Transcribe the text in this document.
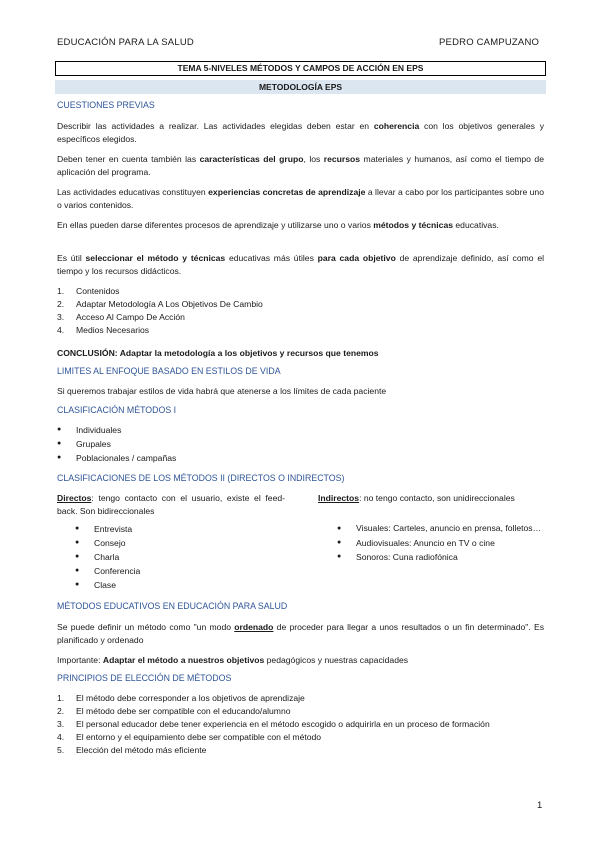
EDUCACIÓN PARA LA SALUD	PEDRO CAMPUZANO
TEMA 5-NIVELES MÉTODOS Y CAMPOS DE ACCIÓN EN EPS
METODOLOGÍA EPS
CUESTIONES PREVIAS
Describir las actividades a realizar. Las actividades elegidas deben estar en coherencia con los objetivos generales y específicos elegidos.
Deben tener en cuenta también las características del grupo, los recursos materiales y humanos, así como el tiempo de aplicación del programa.
Las actividades educativas constituyen experiencias concretas de aprendizaje a llevar a cabo por los participantes sobre uno o varios contenidos.
En ellas pueden darse diferentes procesos de aprendizaje y utilizarse uno o varios métodos y técnicas educativas.
Es útil seleccionar el método y técnicas educativas más útiles para cada objetivo de aprendizaje definido, así como el tiempo y los recursos didácticos.
1.	Contenidos
2.	Adaptar Metodología A Los Objetivos De Cambio
3.	Acceso Al Campo De Acción
4.	Medios Necesarios
CONCLUSIÓN: Adaptar la metodología a los objetivos y recursos que tenemos
LIMITES AL ENFOQUE BASADO EN ESTILOS DE VIDA
Si queremos trabajar estilos de vida habrá que atenerse a los límites de cada paciente
CLASIFICACIÓN MÉTODOS I
●	Individuales
●	Grupales
●	Poblacionales / campañas
CLASIFICACIONES DE LOS MÉTODOS II (DIRECTOS O INDIRECTOS)
Directos: tengo contacto con el usuario, existe el feed-back. Son bidireccionales
●	Entrevista
●	Consejo
●	Charla
●	Conferencia
●	Clase
Indirectos: no tengo contacto, son unidireccionales
●	Visuales: Carteles, anuncio en prensa, folletos…
●	Audiovisuales: Anuncio en TV o cine
●	Sonoros: Cuna radiofónica
MÉTODOS EDUCATIVOS EN EDUCACIÓN PARA SALUD
Se puede definir un método como "un modo ordenado de proceder para llegar a unos resultados o un fin determinado". Es planificado y ordenado
Importante: Adaptar el método a nuestros objetivos pedagógicos y nuestras capacidades
PRINCIPIOS DE ELECCIÓN DE MÉTODOS
1.	El método debe corresponder a los objetivos de aprendizaje
2.	El método debe ser compatible con el educando/alumno
3.	El personal educador debe tener experiencia en el método escogido o adquirirla en un proceso de formación
4.	El entorno y el equipamiento debe ser compatible con el método
5.	Elección del método más eficiente
1
